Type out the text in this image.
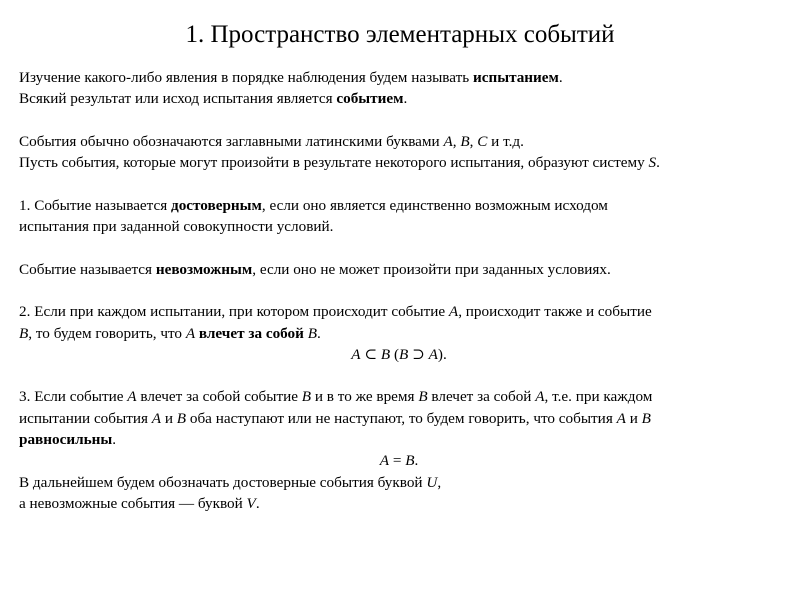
1. Пространство элементарных событий
Изучение какого-либо явления в порядке наблюдения будем называть испытанием.
Всякий результат или исход испытания является событием.
События обычно обозначаются заглавными латинскими буквами A, B, C и т.д.
Пусть события, которые могут произойти в результате некоторого испытания, образуют систему S.
1. Событие называется достоверным, если оно является единственно возможным исходом
испытания при заданной совокупности условий.
Событие называется невозможным, если оно не может произойти при заданных условиях.
2. Если при каждом испытании, при котором происходит событие A, происходит также и событие
B, то будем говорить, что A влечет за собой B.
A ⊂ B (B ⊃ A).
3. Если событие A влечет за собой событие B и в то же время B влечет за собой A, т.е. при каждом
испытании события A и B оба наступают или не наступают, то будем говорить, что события A и B
равносильны.
A = B.
В дальнейшем будем обозначать достоверные события буквой U,
а невозможные события — буквой V.
